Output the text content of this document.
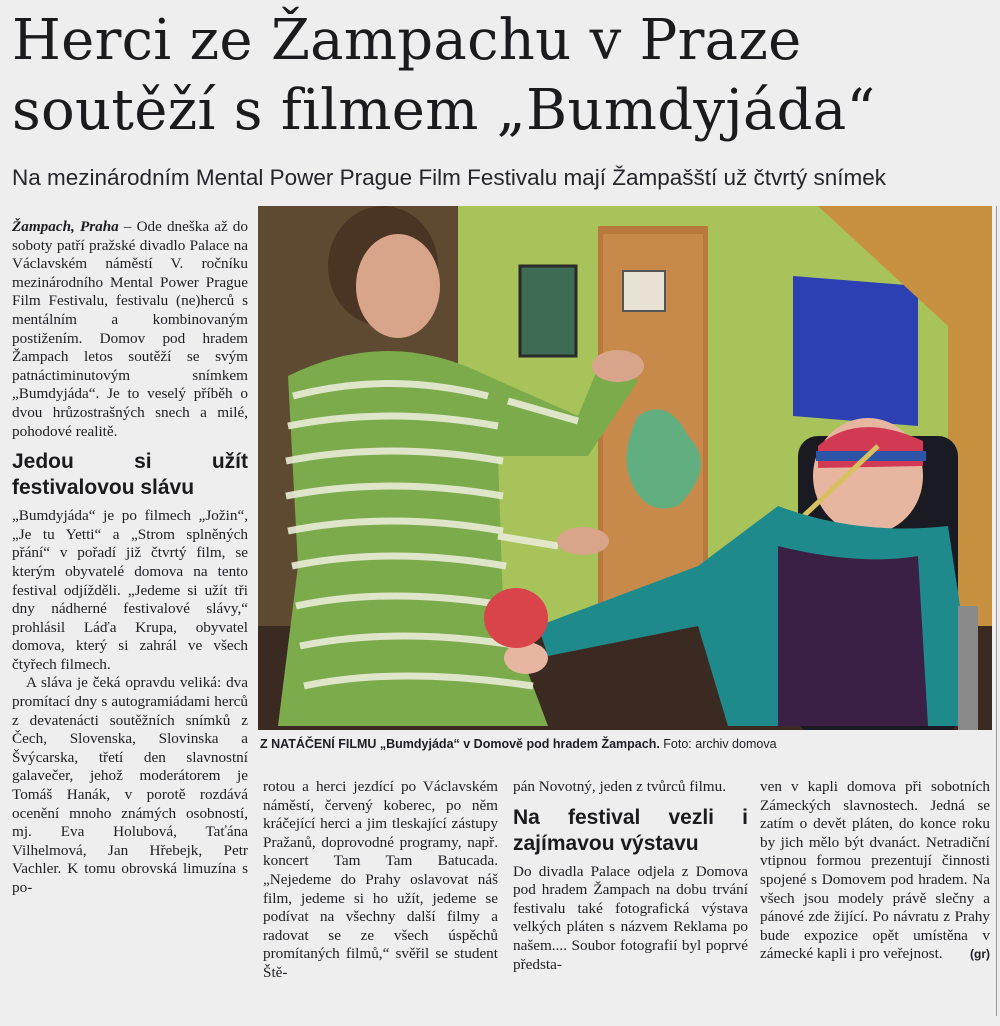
Herci ze Žampachu v Praze soutěží s filmem „Bumdyjáda“

Na mezinárodním Mental Power Prague Film Festivalu mají Žampašští už čtvrtý snímek

Žampach, Praha – Ode dneška až do soboty patří pražské divadlo Palace na Václavském náměstí V. ročníku mezinárodního Mental Power Prague Film Festivalu, festivalu (ne)herců s mentálním a kombinovaným postižením. Domov pod hradem Žampach letos soutěží se svým patnáctiminutovým snímkem „Bumdyjáda“. Je to veselý příběh o dvou hrůzostrašných snech a milé, pohodové realitě.

Jedou si užít festivalovou slávu

„Bumdyjáda“ je po filmech „Jožin“, „Je tu Yetti“ a „Strom splněných přání“ v pořadí již čtvrtý film, se kterým obyvatelé domova na tento festival odjížděli. „Jedeme si užít tři dny nádherné festivalové slávy,“ prohlásil Láďa Krupa, obyvatel domova, který si zahrál ve všech čtyřech filmech.

A sláva je čeká opravdu veliká: dva promítací dny s autogramiádami herců z devatenácti soutěžních snímků z Čech, Slovenska, Slovinska a Švýcarska, třetí den slavnostní galavečer, jehož moderátorem je Tomáš Hanák, v porotě rozdává ocenění mnoho známých osobností, mj. Eva Holubová, Taťána Vilhelmová, Jan Hřebejk, Petr Vachler. K tomu obrovská limuzína s po-

Z NATÁČENÍ FILMU „Bumdyjáda“ v Domově pod hradem Žampach. Foto: archiv domova

rotou a herci jezdící po Václavském náměstí, červený koberec, po něm kráčející herci a jim tleskající zástupy Pražanů, doprovodné programy, např. koncert Tam Tam Batucada. „Nejedeme do Prahy oslavovat náš film, jedeme si ho užít, jedeme se podívat na všechny další filmy a radovat se ze všech úspěchů promítaných filmů,“ svěřil se student Ště-

pán Novotný, jeden z tvůrců filmu.

Na festival vezli i zajímavou výstavu

Do divadla Palace odjela z Domova pod hradem Žampach na dobu trvání festivalu také fotografická výstava velkých pláten s názvem Reklama po našem.... Soubor fotografií byl poprvé předsta-

ven v kapli domova při sobotních Zámeckých slavnostech. Jedná se zatím o devět pláten, do konce roku by jich mělo být dvanáct. Netradiční vtipnou formou prezentují činnosti spojené s Domovem pod hradem. Na všech jsou modely právě slečny a pánové zde žijící. Po návratu z Prahy bude expozice opět umístěna v zámecké kapli i pro veřejnost. (gr)
